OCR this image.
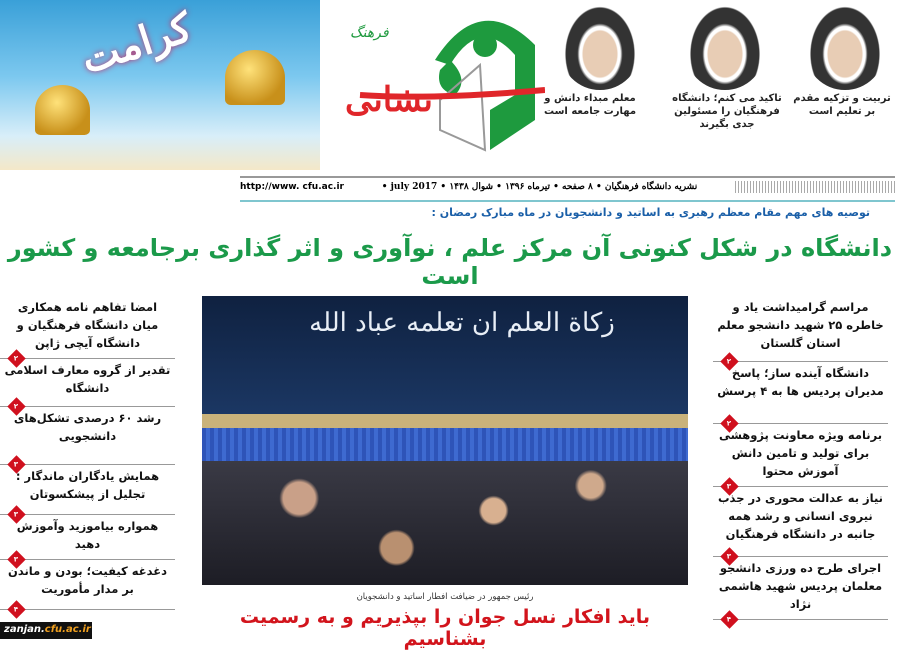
کرامت	فرهنگ
نشانی	تربیت و تزکیه مقدم بر تعلیم است
تاکید می کنم؛ دانشگاه فرهنگیان را مسئولین جدی بگیرند
معلم مبداء دانش و مهارت جامعه است
http://www. cfu.ac.ir	نشریه دانشگاه فرهنگیان • ۸ صفحه • تیرماه ۱۳۹۶ • شوال ۱۴۳۸ • july 2017 •
توصیه های مهم مقام معظم رهبری به اساتید و دانشجویان در ماه مبارک رمضان :
دانشگاه در شکل کنونی آن مرکز علم ، نوآوری و اثر گذاری برجامعه و کشور است
امضا تفاهم نامه همکاری میان دانشگاه فرهنگیان و دانشگاه آیچی ژاپن
۲
تقدیر از گروه معارف اسلامی دانشگاه
۲
رشد ۶۰ درصدی تشکل‌های دانشجویی
۳
همایش یادگاران ماندگار : تجلیل از پیشکسوتان
۳
همواره بیاموزید وآموزش دهید
۳
دغدغه کیفیت؛ بودن و ماندن بر مدار مأموریت
۴
مراسم گرامیداشت یاد و خاطره ۲۵ شهید دانشجو معلم استان گلستان
۲
دانشگاه آینده ساز؛ پاسخ مدیران پردیس ها به ۴ پرسش
۲
برنامه ویژه معاونت پژوهشی برای تولید و تامین دانش آموزش محتوا
۳
نیاز به عدالت محوری در جذب نیروی انسانی و رشد همه جانبه در دانشگاه فرهنگیان
۳
اجرای طرح ده ورزی دانشجو معلمان پردیس شهید هاشمی نژاد
۴
زکاة العلم ان تعلمه عباد الله
رئیس جمهور در ضیافت افطار اساتید و دانشجویان
باید افکار نسل جوان را بپذیریم و به رسمیت بشناسیم
zanjan.cfu.ac.ir
